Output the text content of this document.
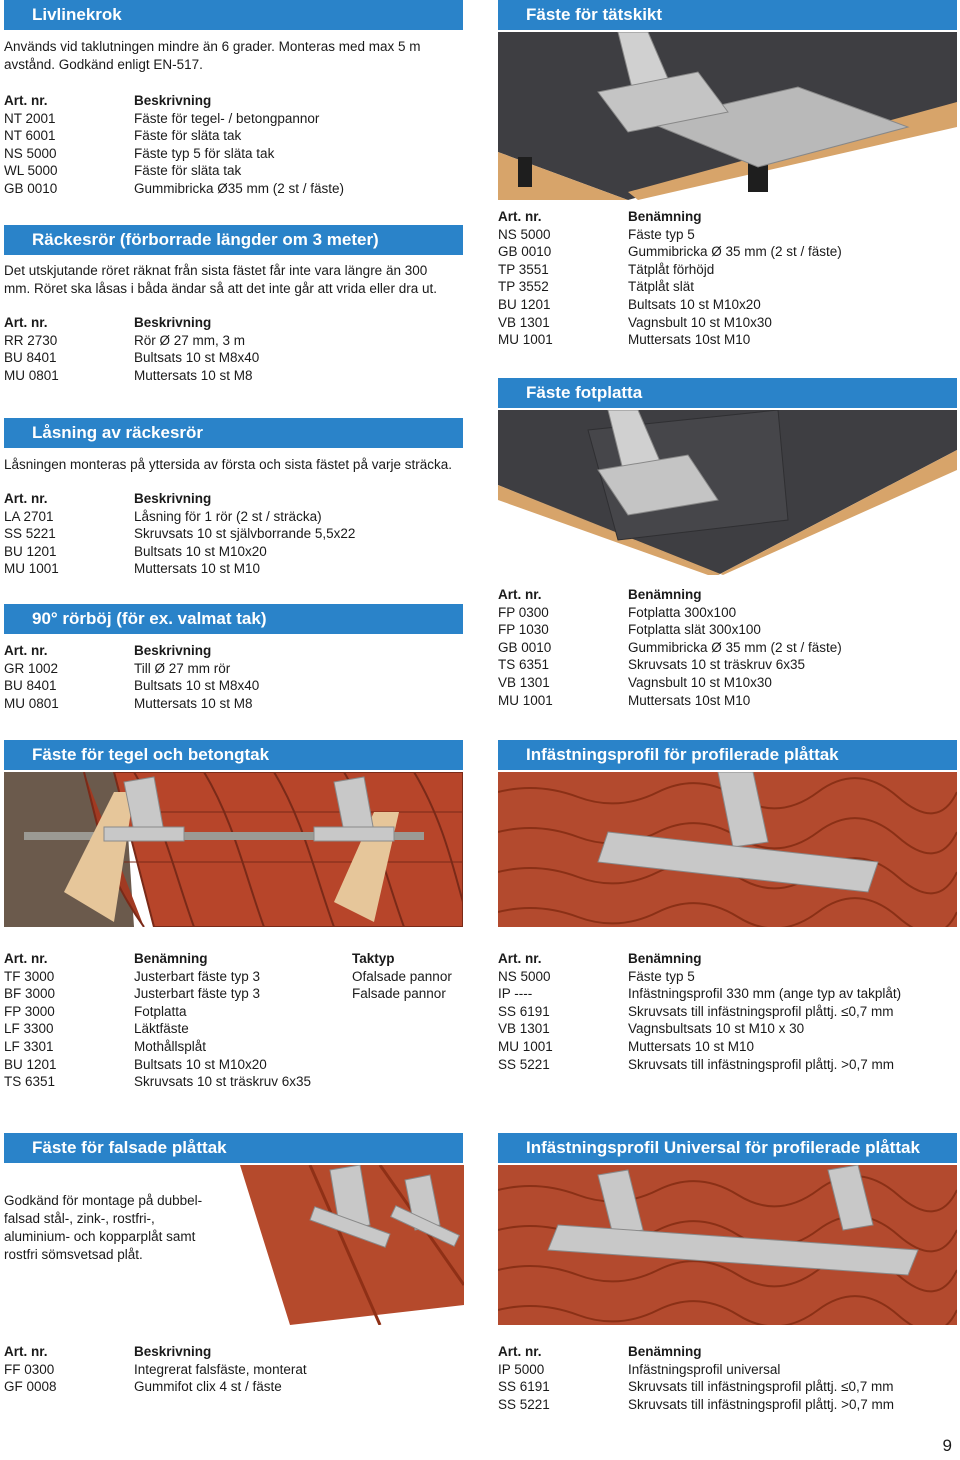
Livlinekrok
Används vid taklutningen mindre än 6 grader. Monteras med max 5 m
avstånd. Godkänd enligt EN-517.
Art. nr.	Beskrivning
NT 2001	Fäste för tegel- / betongpannor
NT 6001	Fäste för släta tak
NS 5000	Fäste typ 5 för släta tak
WL 5000	Fäste för släta tak
GB 0010	Gummibricka Ø35 mm (2 st / fäste)
Räckesrör (förborrade längder om 3 meter)
Det utskjutande röret räknat från sista fästet får inte vara längre än 300
mm. Röret ska låsas i båda ändar så att det inte går att vrida eller dra ut.
Art. nr.	Beskrivning
RR 2730	Rör Ø 27 mm, 3 m
BU 8401	Bultsats 10 st M8x40
MU 0801	Muttersats 10 st M8
Låsning av räckesrör
Låsningen monteras på yttersida av första och sista fästet på varje sträcka.
Art. nr.	Beskrivning
LA 2701	Låsning för 1 rör (2 st / sträcka)
SS 5221	Skruvsats 10 st självborrande 5,5x22
BU 1201	Bultsats 10 st M10x20
MU 1001	Muttersats 10 st M10
90° rörböj (för ex. valmat tak)
Art. nr.	Beskrivning
GR 1002	Till Ø 27 mm rör
BU 8401	Bultsats 10 st M8x40
MU 0801	Muttersats 10 st M8
Fäste för tegel och betongtak
Art. nr.	Benämning	Taktyp
TF 3000	Justerbart fäste typ 3	Ofalsade pannor
BF 3000	Justerbart fäste typ 3	Falsade pannor
FP 3000	Fotplatta
LF 3300	Läktfäste
LF 3301	Mothållsplåt
BU 1201	Bultsats 10 st M10x20
TS 6351	Skruvsats 10 st träskruv 6x35
Fäste för falsade plåttak
Godkänd för montage på dubbel-
falsad stål-, zink-, rostfri-,
aluminium- och kopparplåt samt
rostfri sömsvetsad plåt.
Art. nr.	Beskrivning
FF 0300	Integrerat falsfäste, monterat
GF 0008	Gummifot clix 4 st / fäste
Fäste för tätskikt
Art. nr.	Benämning
NS 5000	Fäste typ 5
GB 0010	Gummibricka Ø 35 mm (2 st / fäste)
TP 3551	Tätplåt förhöjd
TP 3552	Tätplåt slät
BU 1201	Bultsats 10 st M10x20
VB 1301	Vagnsbult 10 st M10x30
MU 1001	Muttersats 10st M10
Fäste fotplatta
Art. nr.	Benämning
FP 0300	Fotplatta 300x100
FP 1030	Fotplatta slät 300x100
GB 0010	Gummibricka Ø 35 mm (2 st / fäste)
TS 6351	Skruvsats 10 st träskruv 6x35
VB 1301	Vagnsbult 10 st M10x30
MU 1001	Muttersats 10st M10
Infästningsprofil för profilerade plåttak
Art. nr.	Benämning
NS 5000	Fäste typ 5
IP ----	Infästningsprofil 330 mm (ange typ av takplåt)
SS 6191	Skruvsats till infästningsprofil plåttj. ≤0,7 mm
VB 1301	Vagnsbultsats 10 st M10 x 30
MU 1001	Muttersats 10 st M10
SS 5221	Skruvsats till infästningsprofil plåttj. >0,7 mm
Infästningsprofil Universal för profilerade plåttak
Art. nr.	Benämning
IP 5000	Infästningsprofil universal
SS 6191	Skruvsats till infästningsprofil plåttj. ≤0,7 mm
SS 5221	Skruvsats till infästningsprofil plåttj. >0,7 mm
9
